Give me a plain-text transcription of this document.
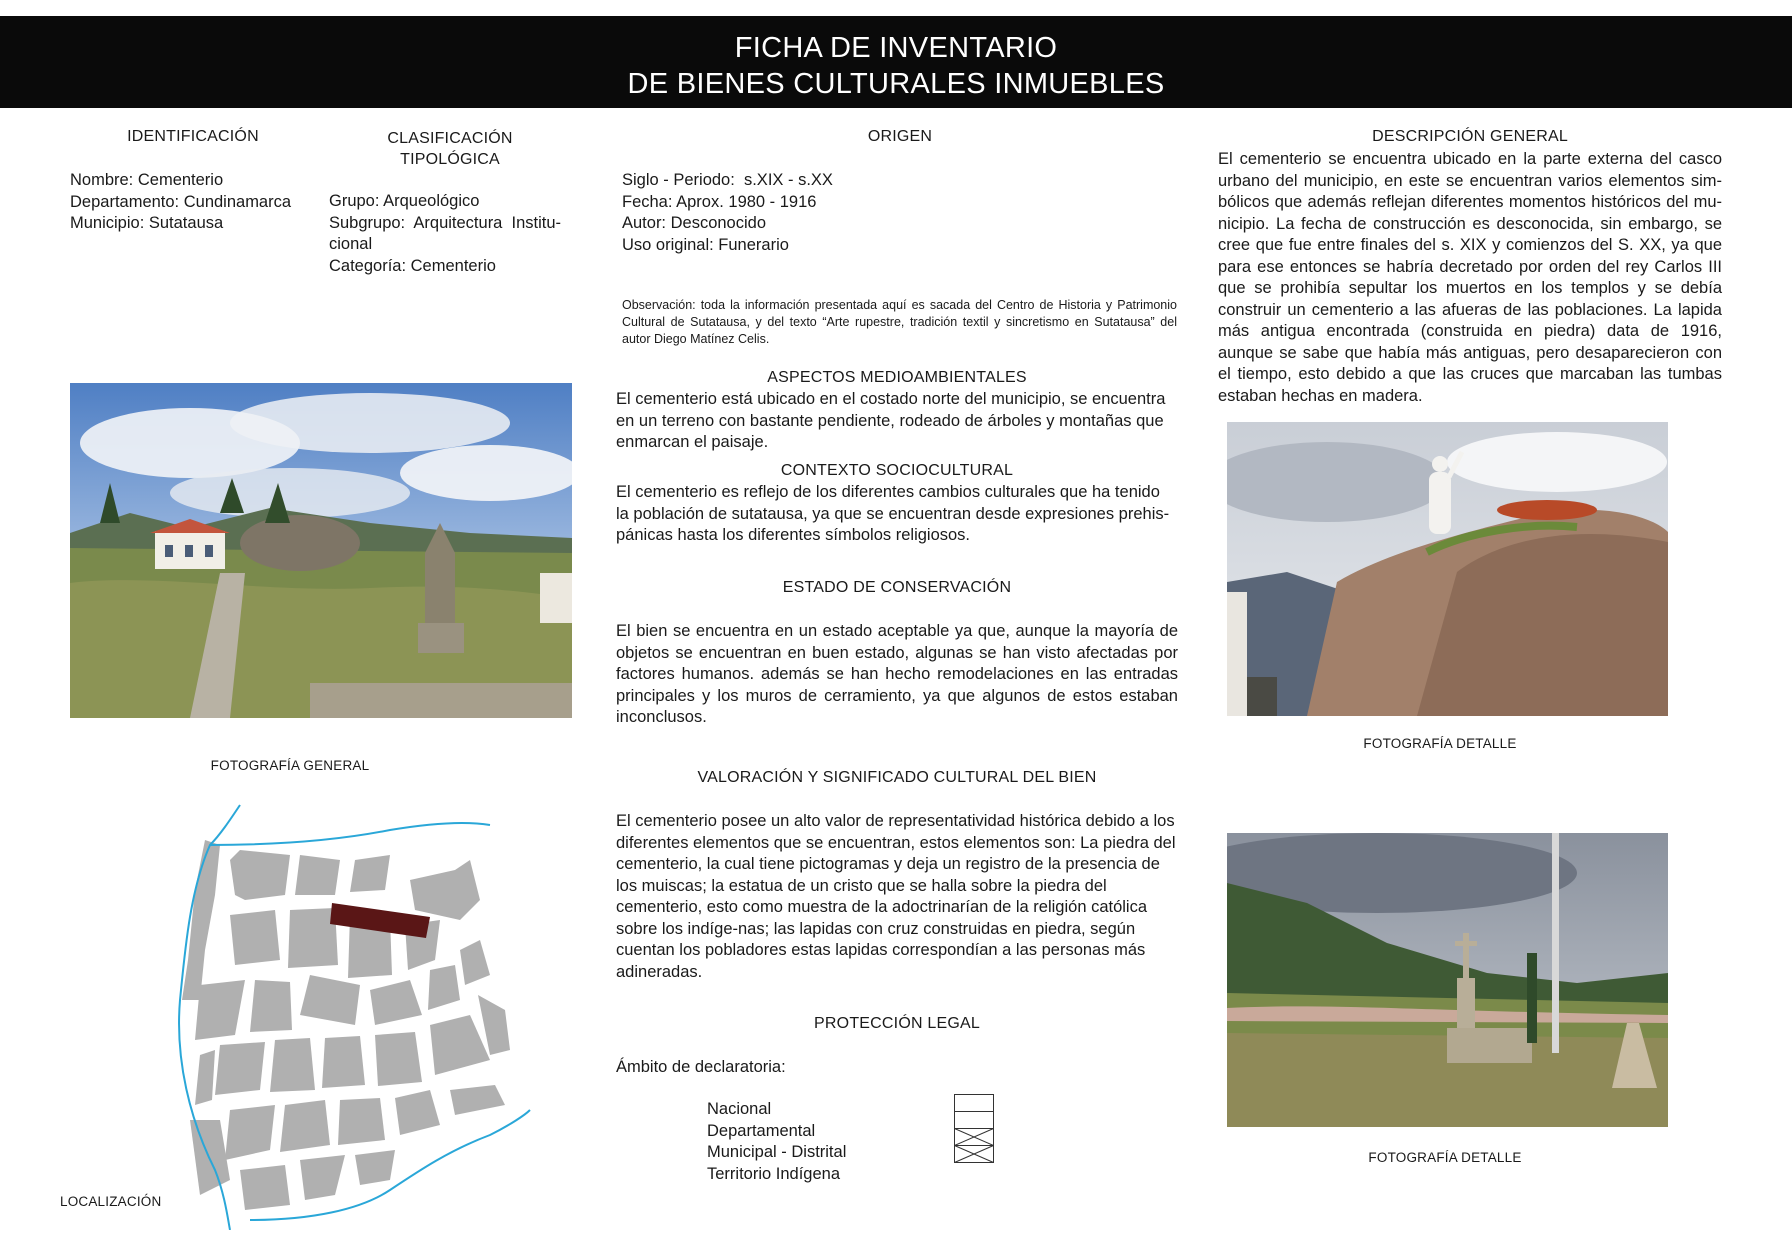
FICHA DE INVENTARIO
DE BIENES CULTURALES INMUEBLES
IDENTIFICACIÓN
Nombre: Cementerio
Departamento: Cundinamarca
Municipio: Sutatausa
CLASIFICACIÓN
TIPOLÓGICA
Grupo: Arqueológico
Subgrupo:  Arquitectura  Institu-
cional
Categoría: Cementerio
ORIGEN
Siglo - Periodo:  s.XIX - s.XX
Fecha: Aprox. 1980 - 1916
Autor: Desconocido
Uso original: Funerario
Observación: toda la información presentada aquí es sacada del Centro de Historia y Patrimonio Cultural de Sutatausa, y del texto “Arte rupestre, tradición textil y sincretismo en Sutatausa” del autor Diego Matínez Celis.
ASPECTOS MEDIOAMBIENTALES
El cementerio está ubicado en el costado norte del municipio, se encuentra en un terreno con bastante pendiente, rodeado de árboles y montañas que enmarcan el paisaje.
CONTEXTO SOCIOCULTURAL
El cementerio es reflejo de los diferentes cambios culturales que ha tenido la población de sutatausa, ya que se encuentran desde expresiones prehis-pánicas hasta los diferentes símbolos religiosos.
ESTADO DE CONSERVACIÓN
El bien se encuentra en un estado aceptable ya que, aunque la mayoría de objetos se encuentran en buen estado, algunas se han visto afectadas por factores humanos. además se han hecho remodelaciones en las entradas principales y los muros de cerramiento, ya que algunos de estos estaban inconclusos.
VALORACIÓN Y SIGNIFICADO CULTURAL DEL BIEN
El cementerio posee un alto valor de representatividad histórica debido a los diferentes elementos que se encuentran, estos elementos son: La piedra del cementerio, la cual tiene pictogramas y deja un registro de la presencia de los muiscas; la estatua de un cristo que se halla sobre la piedra del cementerio, esto como muestra de la adoctrinarían de la religión católica sobre los indíge-nas; las lapidas con cruz construidas en piedra, según cuentan los pobladores estas lapidas correspondían a las personas más adineradas.
PROTECCIÓN LEGAL
Ámbito de declaratoria:
Nacional
Departamental
Municipal - Distrital
Territorio Indígena
DESCRIPCIÓN GENERAL
El cementerio se encuentra ubicado en la parte externa del casco urbano del municipio, en este se encuentran varios elementos sim-bólicos que además reflejan diferentes momentos históricos del mu-nicipio. La fecha de construcción es desconocida, sin embargo, se cree que fue entre finales del s. XIX y comienzos del S. XX, ya que para ese entonces se habría decretado por orden del rey Carlos III que se prohibía sepultar los muertos en los templos y se debía construir un cementerio a las afueras de las poblaciones. La lapida más antigua encontrada (construida en piedra) data de 1916, aunque se sabe que había más antiguas, pero desaparecieron con el tiempo, esto debido a que las cruces que marcaban las tumbas estaban hechas en madera.
FOTOGRAFÍA GENERAL
FOTOGRAFÍA DETALLE
FOTOGRAFÍA DETALLE
LOCALIZACIÓN
